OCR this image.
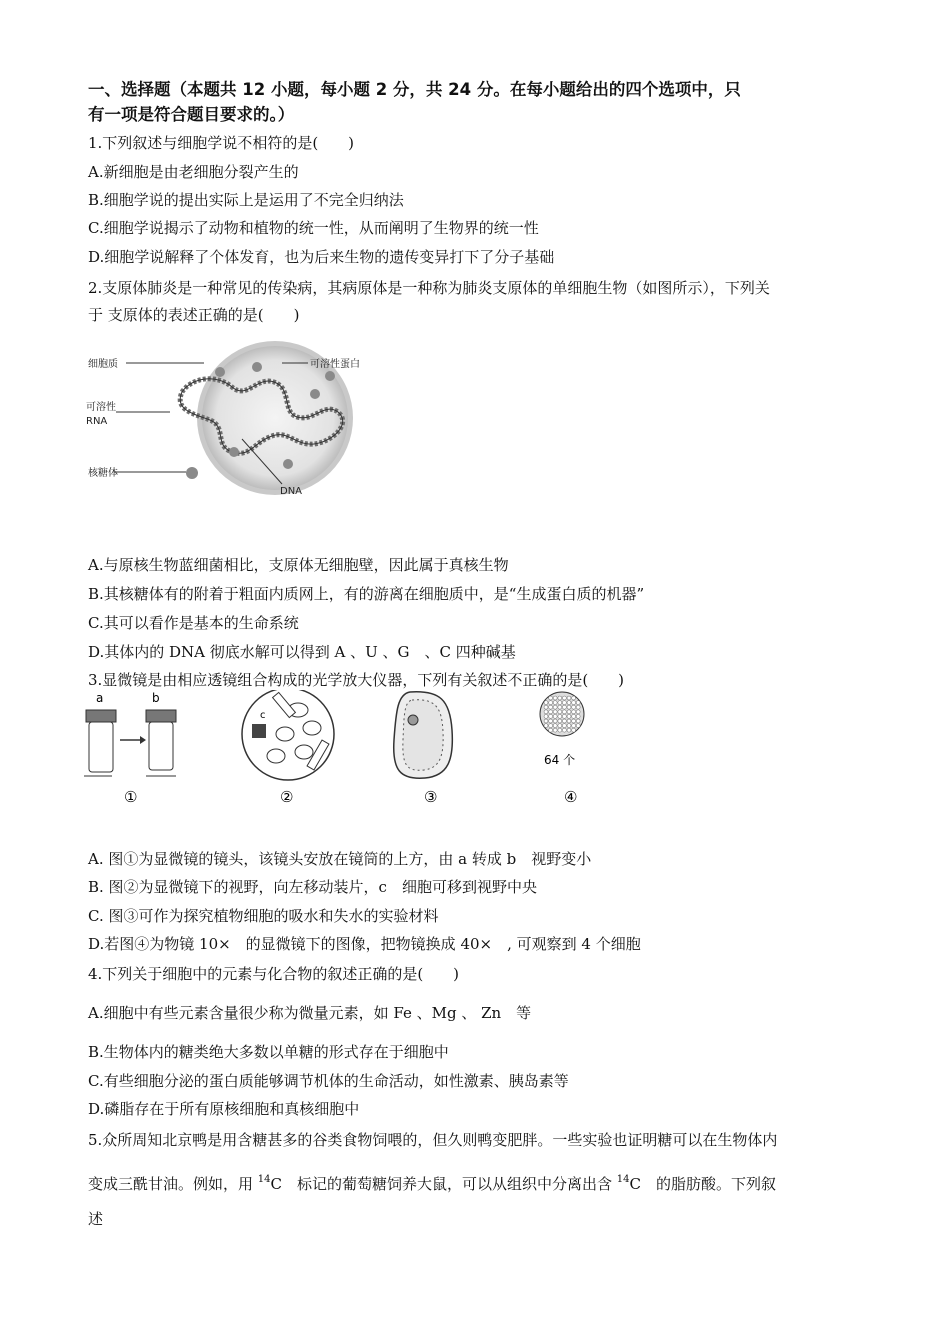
一、选择题（本题共 12 小题，每小题 2 分，共 24 分。在每小题给出的四个选项中，只
有一项是符合题目要求的。）
1.下列叙述与细胞学说不相符的是(　　)
A.新细胞是由老细胞分裂产生的
B.细胞学说的提出实际上是运用了不完全归纳法
C.细胞学说揭示了动物和植物的统一性，从而阐明了生物界的统一性
D.细胞学说解释了个体发育，也为后来生物的遗传变异打下了分子基础
2.支原体肺炎是一种常见的传染病，其病原体是一种称为肺炎支原体的单细胞生物（如图所示），下列关
于 支原体的表述正确的是(　　)
细胞质	可溶性蛋白
可溶性
RNA
核糖体
DNA
A.与原核生物蓝细菌相比，支原体无细胞壁，因此属于真核生物
B.其核糖体有的附着于粗面内质网上，有的游离在细胞质中，是“生成蛋白质的机器”
C.其可以看作是基本的生命系统
D.其体内的 DNA 彻底水解可以得到 A 、U 、G　、C 四种碱基
3.显微镜是由相应透镜组合构成的光学放大仪器，下列有关叙述不正确的是(　　)
a	b
c
64 个
①	②	③	④
A. 图①为显微镜的镜头，该镜头安放在镜筒的上方，由 a 转成 b　视野变小
B. 图②为显微镜下的视野，向左移动装片，c　细胞可移到视野中央
C. 图③可作为探究植物细胞的吸水和失水的实验材料
D.若图④为物镜 10×　的显微镜下的图像，把物镜换成 40×　, 可观察到 4 个细胞
4.下列关于细胞中的元素与化合物的叙述正确的是(　　)
A.细胞中有些元素含量很少称为微量元素，如 Fe 、Mg 、 Zn　等
B.生物体内的糖类绝大多数以单糖的形式存在于细胞中
C.有些细胞分泌的蛋白质能够调节机体的生命活动，如性激素、胰岛素等
D.磷脂存在于所有原核细胞和真核细胞中
5.众所周知北京鸭是用含糖甚多的谷类食物饲喂的，但久则鸭变肥胖。一些实验也证明糖可以在生物体内
变成三酰甘油。例如，用 $^{14}$C　标记的葡萄糖饲养大鼠，可以从组织中分离出含 $^{14}$C　的脂肪酸。下列叙
述
